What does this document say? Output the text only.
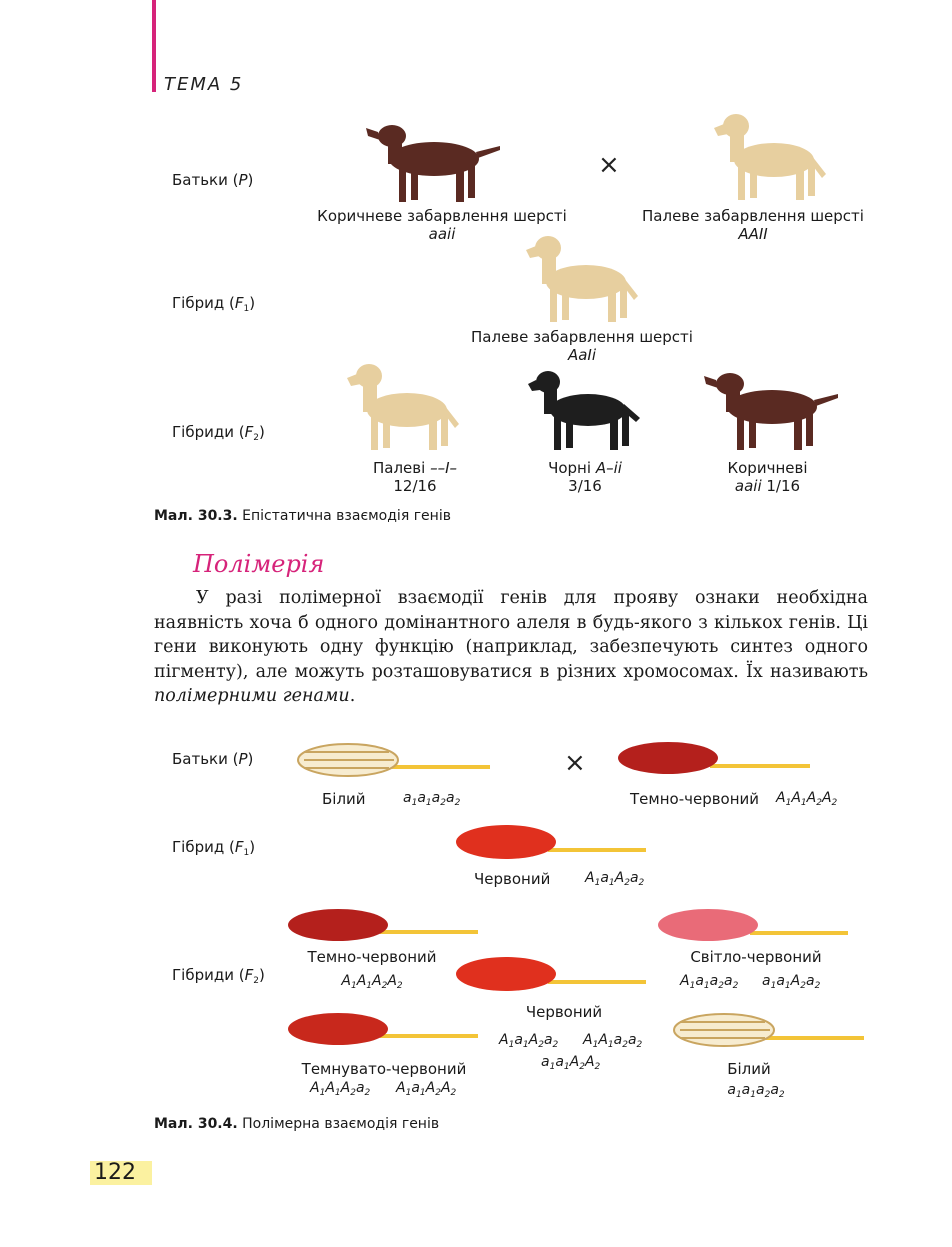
ТЕМА 5
Батьки (P)
Гібрид $(F_1)$
Гібриди $(F_2)$
×
Коричневе забарвлення шерсті
aaii
Палеве забарвлення шерсті
AAII
Палеве забарвлення шерсті
AaIi
Палеві ––I–
12/16
Чорні A–ii
3/16
Коричневі
aaii 1/16
Мал. 30.3. Епістатична взаємодія генів
Полімерія

У разі полімерної взаємодії генів для прояву ознаки необхідна наявність хоча б одного домінантного алеля в будь-якого з кількох генів. Ці гени виконують одну функцію (наприклад, забезпечують синтез одного пігменту), але можуть розташовуватися в різних хромосомах. Їх називають полімерними генами.

Батьки (P)
Гібрид $(F_1)$
Гібриди $(F_2)$
×
Білий	$a_1a_1a_2a_2$	Темно-червоний $A_1A_1A_2A_2$
Червоний $A_1a_1A_2a_2$
Темно-червоний
$A_1A_1A_2A_2$
Світло-червоний
$A_1a_1a_2a_2$ $a_1a_1A_2a_2$
Червоний
$A_1a_1A_2a_2$ $A_1A_1a_2a_2$
$a_1a_1A_2A_2$
Темнувато-червоний
$A_1A_1A_2a_2$ $A_1a_1A_2A_2$
Білий
$a_1a_1a_2a_2$
Мал. 30.4. Полімерна взаємодія генів
122
